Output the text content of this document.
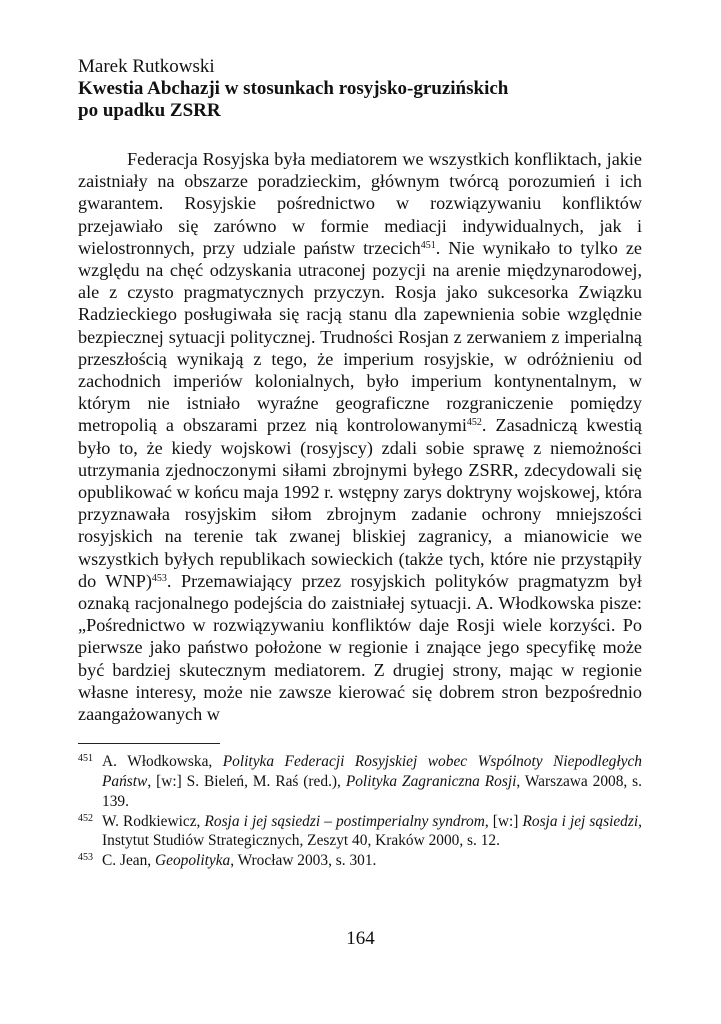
Marek Rutkowski
Kwestia Abchazji w stosunkach rosyjsko-gruzińskich
po upadku ZSRR

Federacja Rosyjska była mediatorem we wszystkich konfliktach, jakie zaistniały na obszarze poradzieckim, głównym twórcą porozumień i ich gwarantem. Rosyjskie pośrednictwo w rozwiązywaniu konfliktów przejawiało się zarówno w formie mediacji indywidualnych, jak i wielostronnych, przy udziale państw trzecich$^{451}$. Nie wynikało to tylko ze względu na chęć odzyskania utraconej pozycji na arenie międzynarodowej, ale z czysto pragmatycznych przyczyn. Rosja jako sukcesorka Związku Radzieckiego posługiwała się racją stanu dla zapewnienia sobie względnie bezpiecznej sytuacji politycznej. Trudności Rosjan z zerwaniem z imperialną przeszłością wynikają z tego, że imperium rosyjskie, w odróżnieniu od zachodnich imperiów kolonialnych, było imperium kontynentalnym, w którym nie istniało wyraźne geograficzne rozgraniczenie pomiędzy metropolią a obszarami przez nią kontrolowanymi$^{452}$. Zasadniczą kwestią było to, że kiedy wojskowi (rosyjscy) zdali sobie sprawę z niemożności utrzymania zjednoczonymi siłami zbrojnymi byłego ZSRR, zdecydowali się opublikować w końcu maja 1992 r. wstępny zarys doktryny wojskowej, która przyznawała rosyjskim siłom zbrojnym zadanie ochrony mniejszości rosyjskich na terenie tak zwanej bliskiej zagranicy, a mianowicie we wszystkich byłych republikach sowieckich (także tych, które nie przystąpiły do WNP)$^{453}$. Przemawiający przez rosyjskich polityków pragmatyzm był oznaką racjonalnego podejścia do zaistniałej sytuacji. A. Włodkowska pisze: „Pośrednictwo w rozwiązywaniu konfliktów daje Rosji wiele korzyści. Po pierwsze jako państwo położone w regionie i znające jego specyfikę może być bardziej skutecznym mediatorem. Z drugiej strony, mając w regionie własne interesy, może nie zawsze kierować się dobrem stron bezpośrednio zaangażowanych w

451 A. Włodkowska, Polityka Federacji Rosyjskiej wobec Wspólnoty Niepodległych Państw, [w:] S. Bieleń, M. Raś (red.), Polityka Zagraniczna Rosji, Warszawa 2008, s. 139.
452 W. Rodkiewicz, Rosja i jej sąsiedzi – postimperialny syndrom, [w:] Rosja i jej sąsiedzi, Instytut Studiów Strategicznych, Zeszyt 40, Kraków 2000, s. 12.
453 C. Jean, Geopolityka, Wrocław 2003, s. 301.
164
